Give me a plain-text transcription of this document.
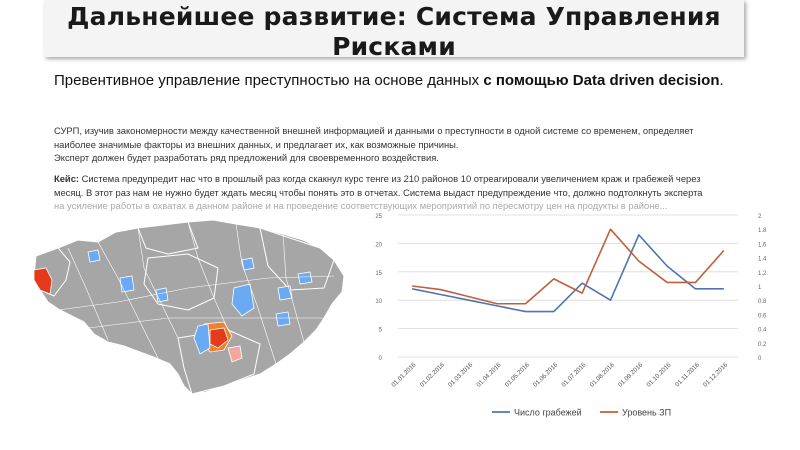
Дальнейшее развитие: Система Управления
Рисками
Превентивное управление преступностью на основе данных с помощью Data driven decision.

СУРП, изучив закономерности между качественной внешней информацией и данными о преступности в одной системе со временем, определяет

наиболее значимые факторы из внешних данных, и предлагает их, как возможные причины.

Эксперт должен будет разработать ряд предложений для своевременного воздействия.

Кейс: Система предупредит нас что в прошлый раз когда скакнул курс тенге из 210 районов 10 отреагировали увеличением краж и грабежей через
месяц. В этот раз нам не нужно будет ждать месяц чтобы понять это в отчетах. Система выдаст предупреждение что, должно подтолкнуть эксперта
на усиление работы в охватах в данном районе и на проведение соответствующих мероприятий по пересмотру цен на продукты в районе...
0
5
10
15
20
25
0
0.2
0.4
0.6
0.8
1
1.2
1.4
1.6
1.8
2
01.01.2016 01.02.2016 01.03.2016 01.04.2016 01.05.2016 01.06.2016 01.07.2016 01.08.2016 01.09.2016 01.10.2016 01.11.2016 01.12.2016
Число грабежей	Уровень ЗП
